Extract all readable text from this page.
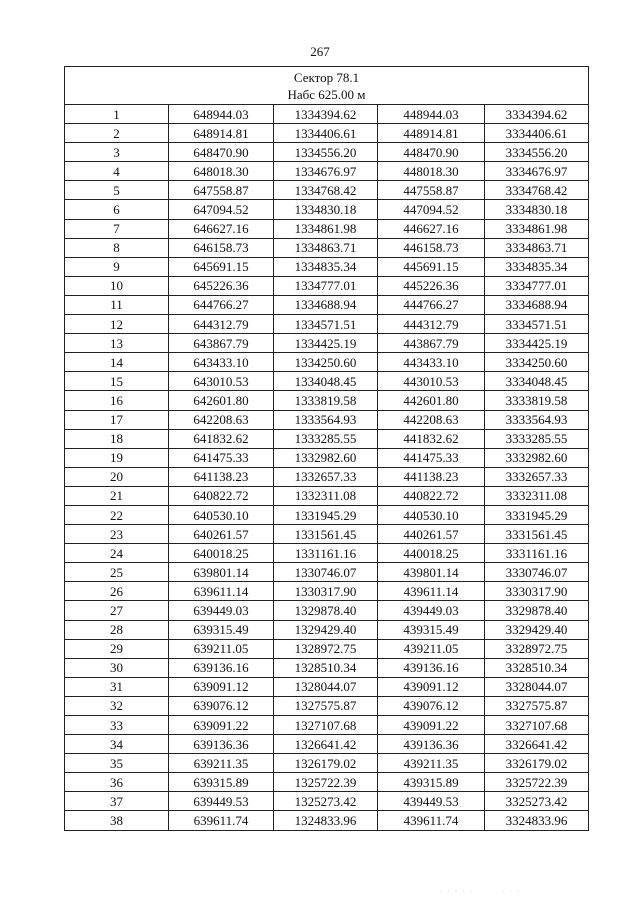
267
Сектор 78.1
Набс 625.00 м				

1	648944.03	1334394.62	448944.03	3334394.62
2	648914.81	1334406.61	448914.81	3334406.61
3	648470.90	1334556.20	448470.90	3334556.20
4	648018.30	1334676.97	448018.30	3334676.97
5	647558.87	1334768.42	447558.87	3334768.42
6	647094.52	1334830.18	447094.52	3334830.18
7	646627.16	1334861.98	446627.16	3334861.98
8	646158.73	1334863.71	446158.73	3334863.71
9	645691.15	1334835.34	445691.15	3334835.34
10	645226.36	1334777.01	445226.36	3334777.01
11	644766.27	1334688.94	444766.27	3334688.94
12	644312.79	1334571.51	444312.79	3334571.51
13	643867.79	1334425.19	443867.79	3334425.19
14	643433.10	1334250.60	443433.10	3334250.60
15	643010.53	1334048.45	443010.53	3334048.45
16	642601.80	1333819.58	442601.80	3333819.58
17	642208.63	1333564.93	442208.63	3333564.93
18	641832.62	1333285.55	441832.62	3333285.55
19	641475.33	1332982.60	441475.33	3332982.60
20	641138.23	1332657.33	441138.23	3332657.33
21	640822.72	1332311.08	440822.72	3332311.08
22	640530.10	1331945.29	440530.10	3331945.29
23	640261.57	1331561.45	440261.57	3331561.45
24	640018.25	1331161.16	440018.25	3331161.16
25	639801.14	1330746.07	439801.14	3330746.07
26	639611.14	1330317.90	439611.14	3330317.90
27	639449.03	1329878.40	439449.03	3329878.40
28	639315.49	1329429.40	439315.49	3329429.40
29	639211.05	1328972.75	439211.05	3328972.75
30	639136.16	1328510.34	439136.16	3328510.34
31	639091.12	1328044.07	439091.12	3328044.07
32	639076.12	1327575.87	439076.12	3327575.87
33	639091.22	1327107.68	439091.22	3327107.68
34	639136.36	1326641.42	439136.36	3326641.42
35	639211.35	1326179.02	439211.35	3326179.02
36	639315.89	1325722.39	439315.89	3325722.39
37	639449.53	1325273.42	439449.53	3325273.42
38	639611.74	1324833.96	439611.74	3324833.96
· · · · ·        · · ·
